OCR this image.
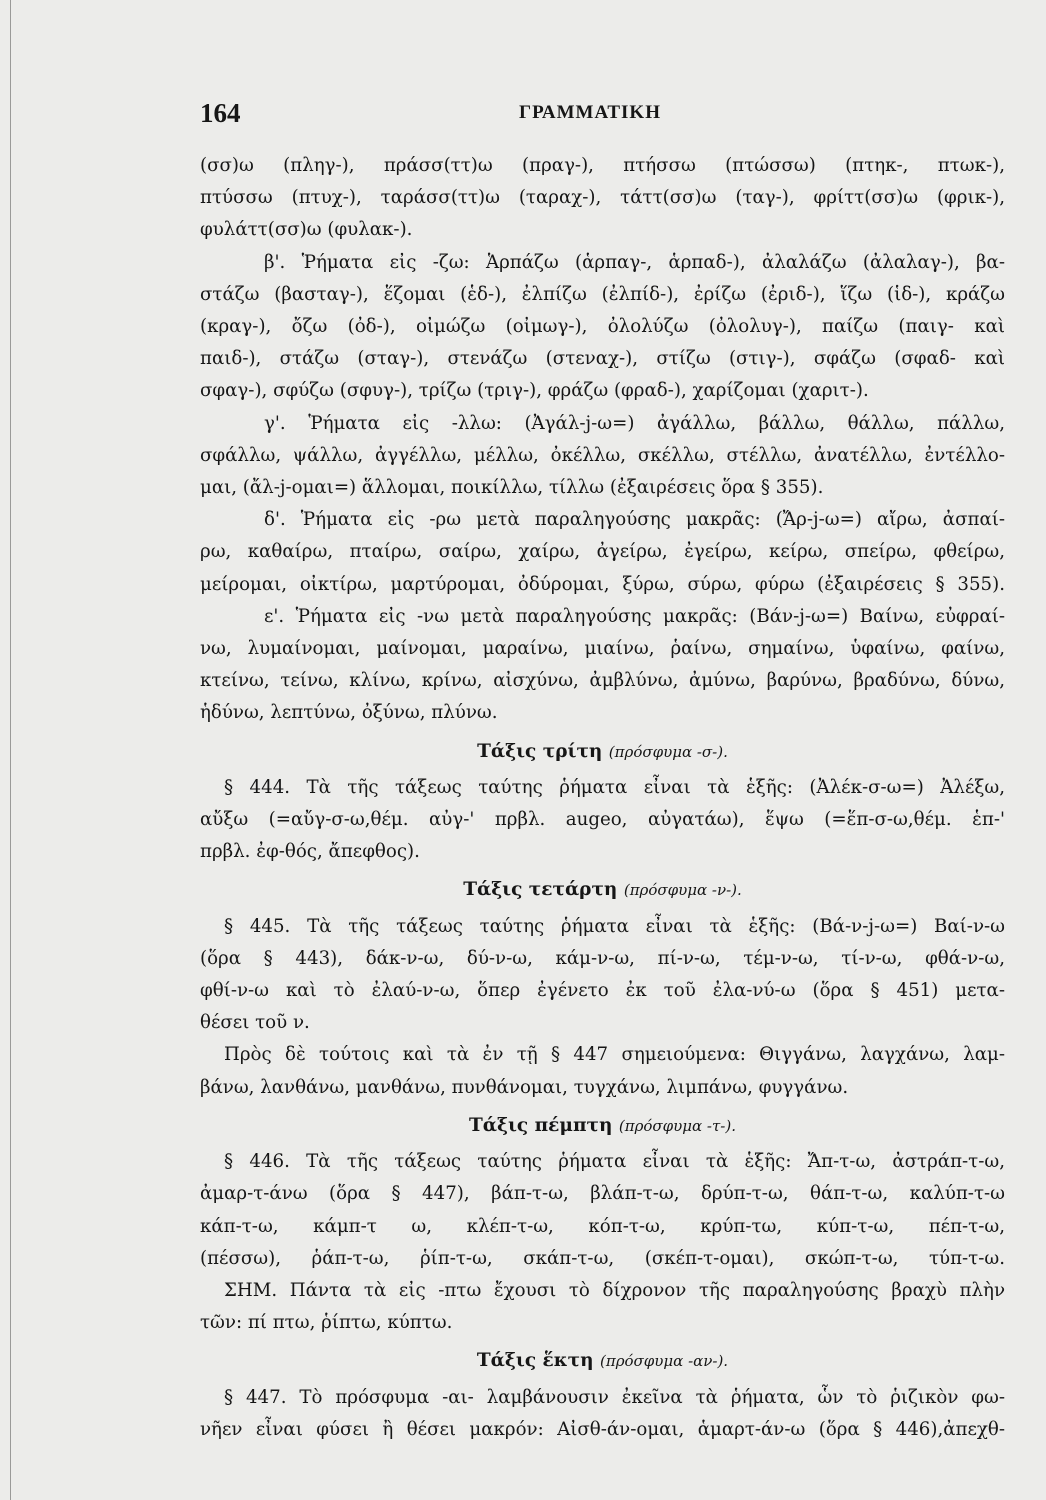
164	ΓΡΑΜΜΑΤΙΚΗ
(σσ)ω (πληγ-), πράσσ(ττ)ω (πραγ-), πτήσσω (πτώσσω) (πτηκ-, πτωκ-),
πτύσσω (πτυχ-), ταράσσ(ττ)ω (ταραχ-), τάττ(σσ)ω (ταγ-), φρίττ(σσ)ω (φρικ-),
φυλάττ(σσ)ω (φυλακ-).
β'. Ῥήματα εἰς -ζω: Ἁρπάζω (ἁρπαγ-, ἁρπαδ-), ἀλαλάζω (ἀλαλαγ-), βα-
στάζω (βασταγ-), ἕζομαι (ἑδ-), ἐλπίζω (ἐλπίδ-), ἐρίζω (ἐριδ-), ἵζω (ἱδ-), κράζω
(κραγ-), ὄζω (ὀδ-), οἰμώζω (οἰμωγ-), ὀλολύζω (ὀλολυγ-), παίζω (παιγ- καὶ
παιδ-), στάζω (σταγ-), στενάζω (στεναχ-), στίζω (στιγ-), σφάζω (σφαδ- καὶ
σφαγ-), σφύζω (σφυγ-), τρίζω (τριγ-), φράζω (φραδ-), χαρίζομαι (χαριτ-).
γ'. Ῥήματα εἰς -λλω: (Ἀγάλ-j-ω=) ἀγάλλω, βάλλω, θάλλω, πάλλω,
σφάλλω, ψάλλω, ἀγγέλλω, μέλλω, ὀκέλλω, σκέλλω, στέλλω, ἀνατέλλω, ἐντέλλο-
μαι, (ἄλ-j-ομαι=) ἅλλομαι, ποικίλλω, τίλλω (ἐξαιρέσεις ὅρα § 355).
δ'. Ῥήματα εἰς -ρω μετὰ παραληγούσης μακρᾶς: (Ἄρ-j-ω=) αἴρω, ἀσπαί-
ρω, καθαίρω, πταίρω, σαίρω, χαίρω, ἀγείρω, ἐγείρω, κείρω, σπείρω, φθείρω,
μείρομαι, οἰκτίρω, μαρτύρομαι, ὀδύρομαι, ξύρω, σύρω, φύρω (ἐξαιρέσεις § 355).
ε'. Ῥήματα εἰς -νω μετὰ παραληγούσης μακρᾶς: (Βάν-j-ω=) Βαίνω, εὐφραί-
νω, λυμαίνομαι, μαίνομαι, μαραίνω, μιαίνω, ῥαίνω, σημαίνω, ὑφαίνω, φαίνω,
κτείνω, τείνω, κλίνω, κρίνω, αἰσχύνω, ἀμβλύνω, ἀμύνω, βαρύνω, βραδύνω, δύνω,
ἡδύνω, λεπτύνω, ὀξύνω, πλύνω.
Τάξις τρίτη (πρόσφυμα -σ-).
§ 444. Τὰ τῆς τάξεως ταύτης ῥήματα εἶναι τὰ ἑξῆς: (Ἀλέκ-σ-ω=) Ἀλέξω,
αὔξω (=αὔγ-σ-ω,θέμ. αὐγ-' πρβλ. augeo, αὐγατάω), ἕψω (=ἕπ-σ-ω,θέμ. ἑπ-'
πρβλ. ἐφ-θός, ἄπεφθος).
Τάξις τετάρτη (πρόσφυμα -ν-).
§ 445. Τὰ τῆς τάξεως ταύτης ῥήματα εἶναι τὰ ἑξῆς: (Βά-ν-j-ω=) Βαί-ν-ω
(ὅρα § 443), δάκ-ν-ω, δύ-ν-ω, κάμ-ν-ω, πί-ν-ω, τέμ-ν-ω, τί-ν-ω, φθά-ν-ω,
φθί-ν-ω καὶ τὸ ἐλαύ-ν-ω, ὅπερ ἐγένετο ἐκ τοῦ ἐλα-νύ-ω (ὅρα § 451) μετα-
θέσει τοῦ ν.
Πρὸς δὲ τούτοις καὶ τὰ ἐν τῇ § 447 σημειούμενα: Θιγγάνω, λαγχάνω, λαμ-
βάνω, λανθάνω, μανθάνω, πυνθάνομαι, τυγχάνω, λιμπάνω, φυγγάνω.
Τάξις πέμπτη (πρόσφυμα -τ-).
§ 446. Τὰ τῆς τάξεως ταύτης ῥήματα εἶναι τὰ ἑξῆς: Ἄπ-τ-ω, ἀστράπ-τ-ω,
ἀμαρ-τ-άνω (ὅρα § 447), βάπ-τ-ω, βλάπ-τ-ω, δρύπ-τ-ω, θάπ-τ-ω, καλύπ-τ-ω
κάπ-τ-ω, κάμπ-τ ω, κλέπ-τ-ω, κόπ-τ-ω, κρύπ-τω, κύπ-τ-ω, πέπ-τ-ω,
(πέσσω), ῥάπ-τ-ω, ῥίπ-τ-ω, σκάπ-τ-ω, (σκέπ-τ-ομαι), σκώπ-τ-ω, τύπ-τ-ω.
ΣΗΜ. Πάντα τὰ εἰς -πτω ἔχουσι τὸ δίχρονον τῆς παραληγούσης βραχὺ πλὴν
τῶν: πί πτω, ῥίπτω, κύπτω.
Τάξις ἕκτη (πρόσφυμα -αν-).
§ 447. Τὸ πρόσφυμα -αι- λαμβάνουσιν ἐκεῖνα τὰ ῥήματα, ὧν τὸ ῥιζικὸν φω-
νῆεν εἶναι φύσει ἢ θέσει μακρόν: Αἰσθ-άν-ομαι, ἁμαρτ-άν-ω (ὅρα § 446),ἀπεχθ-
